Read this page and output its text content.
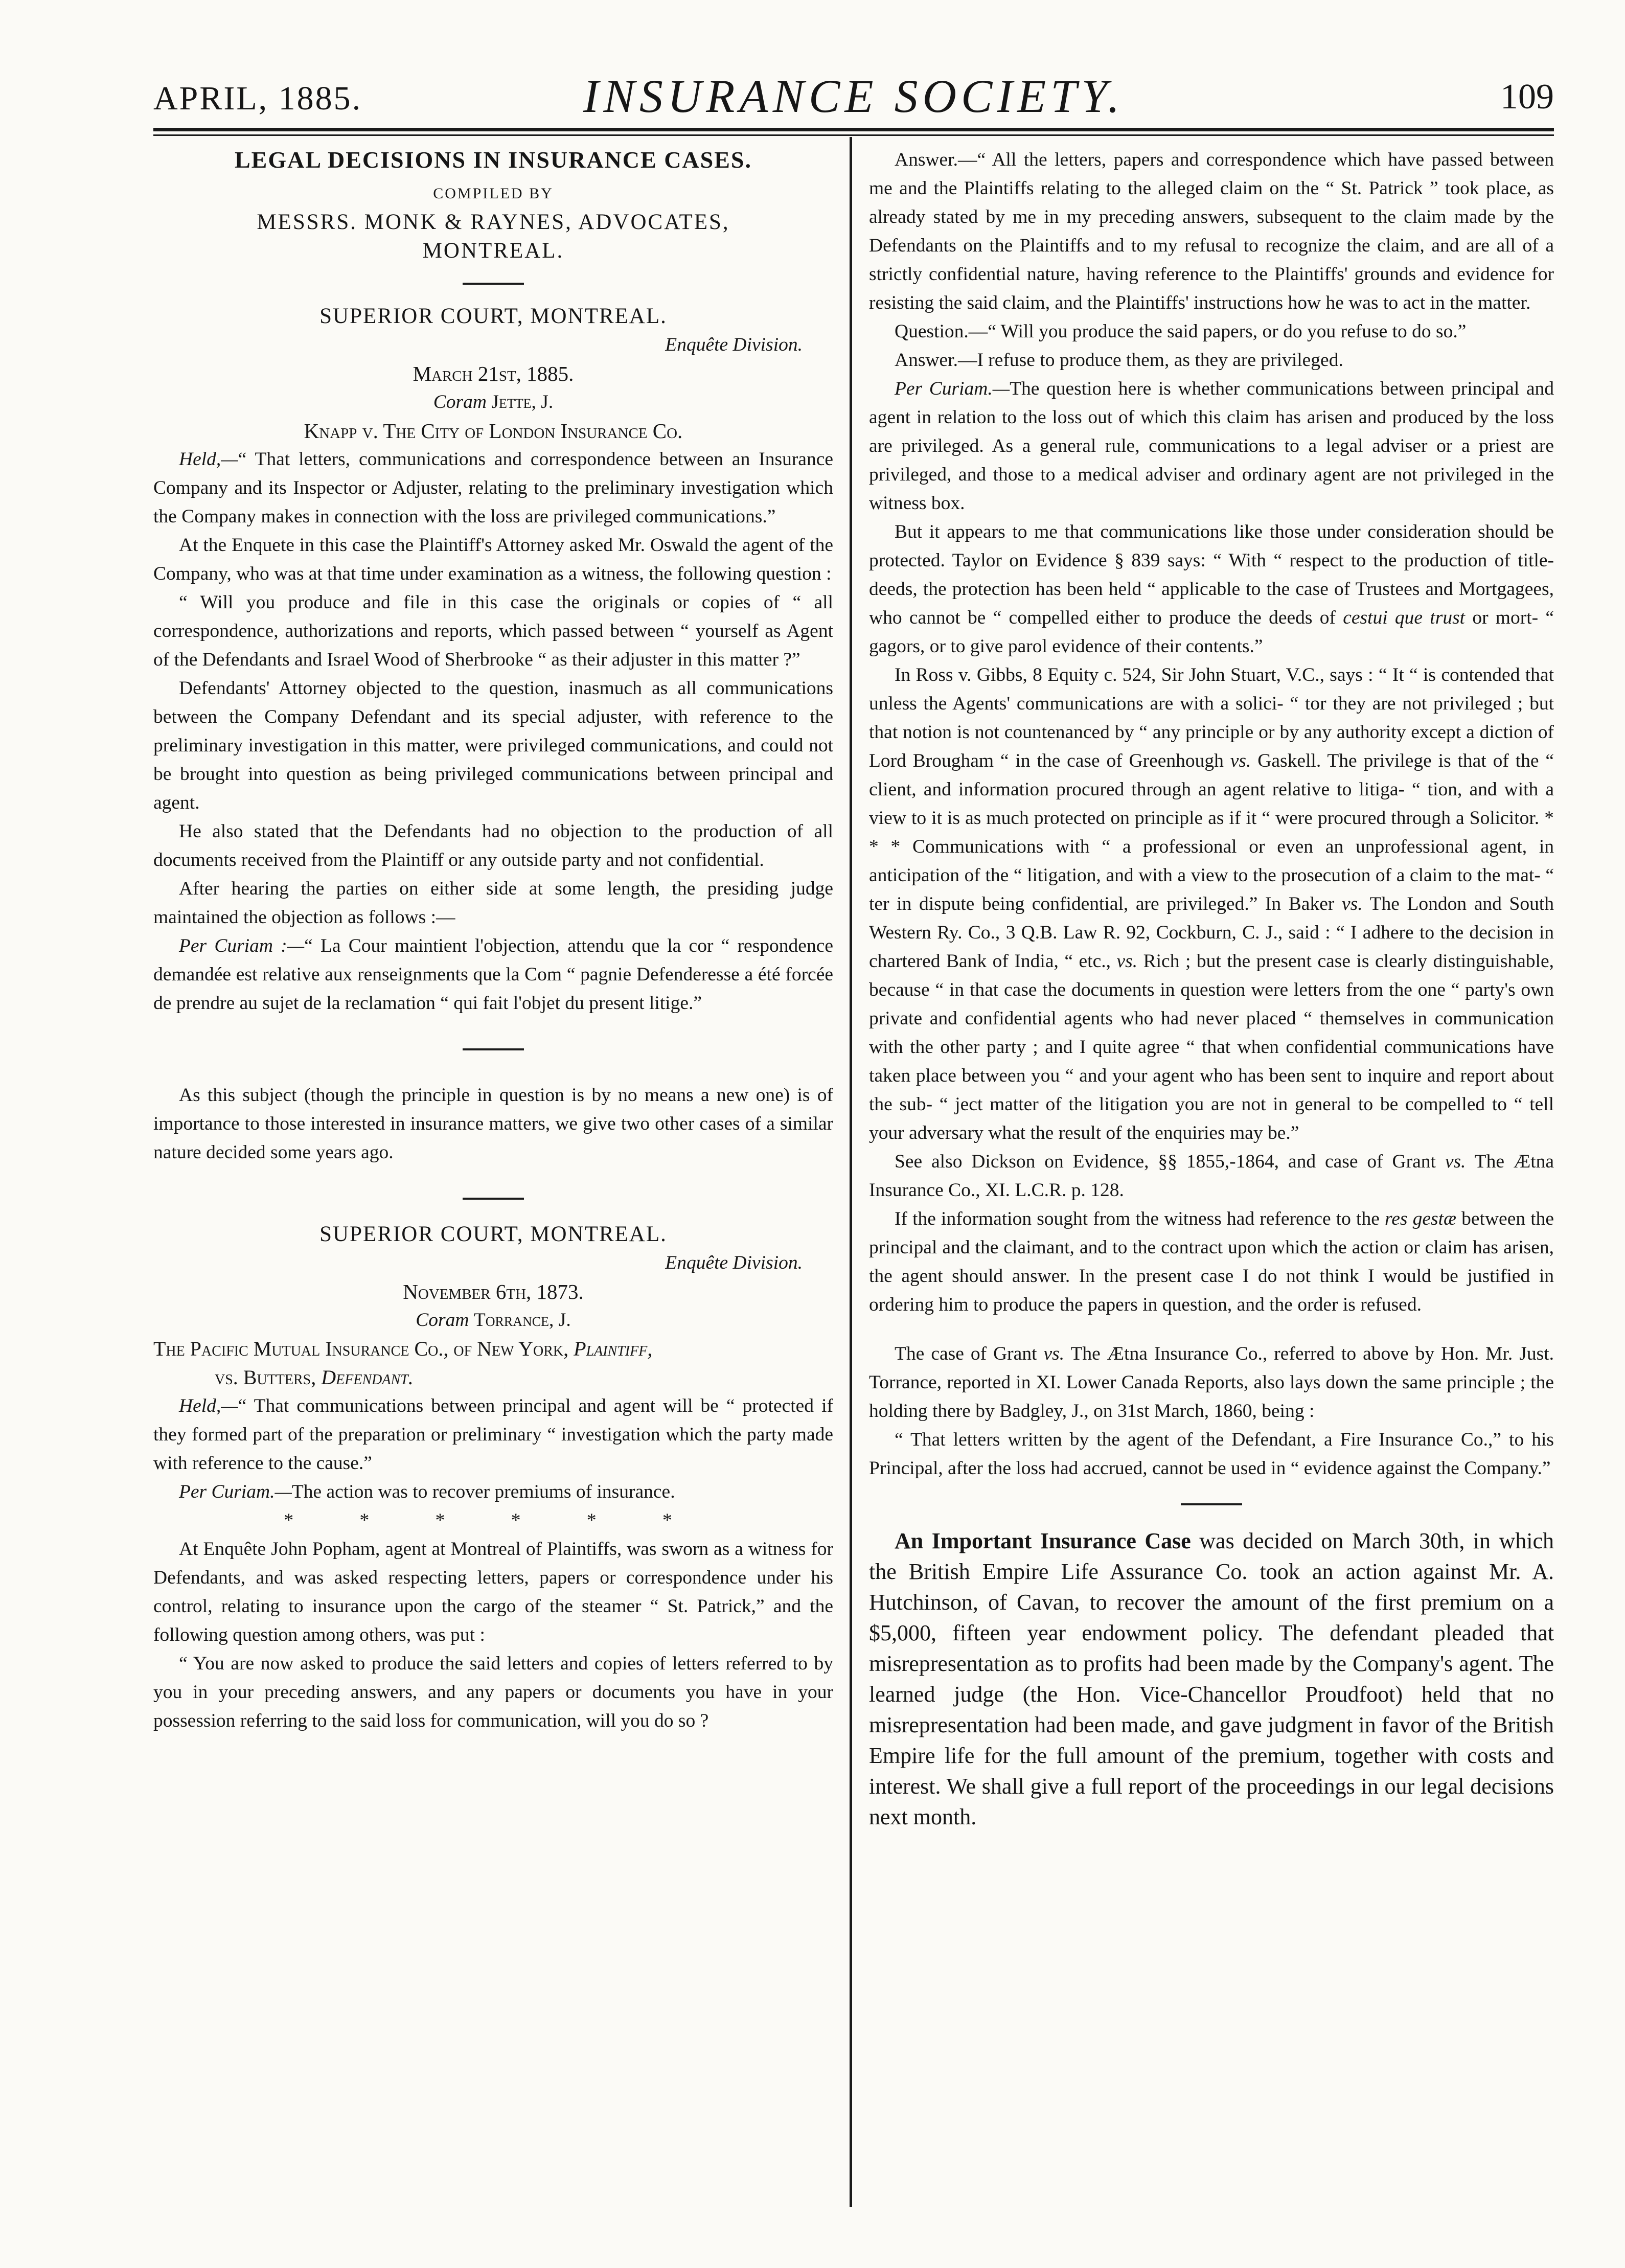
APRIL, 1885.	INSURANCE SOCIETY.	109

LEGAL DECISIONS IN INSURANCE CASES.

COMPILED BY

MESSRS. MONK & RAYNES, ADVOCATES,

MONTREAL.

SUPERIOR COURT, MONTREAL.

Enquête Division.

March 21st, 1885.

Coram Jette, J.

Knapp v. The City of London Insurance Co.

Held,—“ That letters, communications and correspondence between an Insurance Company and its Inspector or Adjuster, relating to the preliminary investigation which the Company makes in connection with the loss are privileged communications.”

At the Enquete in this case the Plaintiff's Attorney asked Mr. Oswald the agent of the Company, who was at that time under examination as a witness, the following question :

“ Will you produce and file in this case the originals or copies of “ all correspondence, authorizations and reports, which passed between “ yourself as Agent of the Defendants and Israel Wood of Sherbrooke “ as their adjuster in this matter ?”

Defendants' Attorney objected to the question, inasmuch as all communications between the Company Defendant and its special adjuster, with reference to the preliminary investigation in this matter, were privileged communications, and could not be brought into question as being privileged communications between principal and agent.

He also stated that the Defendants had no objection to the production of all documents received from the Plaintiff or any outside party and not confidential.

After hearing the parties on either side at some length, the presiding judge maintained the objection as follows :—

Per Curiam :—“ La Cour maintient l'objection, attendu que la cor “ respondence demandée est relative aux renseignments que la Com “ pagnie Defenderesse a été forcée de prendre au sujet de la reclamation “ qui fait l'objet du present litige.”

As this subject (though the principle in question is by no means a new one) is of importance to those interested in insurance matters, we give two other cases of a similar nature decided some years ago.

SUPERIOR COURT, MONTREAL.

Enquête Division.

November 6th, 1873.

Coram Torrance, J.

The Pacific Mutual Insurance Co., of New York, Plaintiff,
vs. Butters, Defendant.

Held,—“ That communications between principal and agent will be “ protected if they formed part of the preparation or preliminary “ investigation which the party made with reference to the cause.”

Per Curiam.—The action was to recover premiums of insurance.

* * * * * *

At Enquête John Popham, agent at Montreal of Plaintiffs, was sworn as a witness for Defendants, and was asked respecting letters, papers or correspondence under his control, relating to insurance upon the cargo of the steamer “ St. Patrick,” and the following question among others, was put :

“ You are now asked to produce the said letters and copies of letters referred to by you in your preceding answers, and any papers or documents you have in your possession referring to the said loss for communication, will you do so ?

Answer.—“ All the letters, papers and correspondence which have passed between me and the Plaintiffs relating to the alleged claim on the “ St. Patrick ” took place, as already stated by me in my preceding answers, subsequent to the claim made by the Defendants on the Plaintiffs and to my refusal to recognize the claim, and are all of a strictly confidential nature, having reference to the Plaintiffs' grounds and evidence for resisting the said claim, and the Plaintiffs' instructions how he was to act in the matter.

Question.—“ Will you produce the said papers, or do you refuse to do so.”

Answer.—I refuse to produce them, as they are privileged.

Per Curiam.—The question here is whether communications between principal and agent in relation to the loss out of which this claim has arisen and produced by the loss are privileged. As a general rule, communications to a legal adviser or a priest are privileged, and those to a medical adviser and ordinary agent are not privileged in the witness box.

But it appears to me that communications like those under consideration should be protected. Taylor on Evidence § 839 says: “ With “ respect to the production of title-deeds, the protection has been held “ applicable to the case of Trustees and Mortgagees, who cannot be “ compelled either to produce the deeds of cestui que trust or mort- “ gagors, or to give parol evidence of their contents.”

In Ross v. Gibbs, 8 Equity c. 524, Sir John Stuart, V.C., says : “ It “ is contended that unless the Agents' communications are with a solici- “ tor they are not privileged ; but that notion is not countenanced by “ any principle or by any authority except a diction of Lord Brougham “ in the case of Greenhough vs. Gaskell. The privilege is that of the “ client, and information procured through an agent relative to litiga- “ tion, and with a view to it is as much protected on principle as if it “ were procured through a Solicitor. * * * Communications with “ a professional or even an unprofessional agent, in anticipation of the “ litigation, and with a view to the prosecution of a claim to the mat- “ ter in dispute being confidential, are privileged.” In Baker vs. The London and South Western Ry. Co., 3 Q.B. Law R. 92, Cockburn, C. J., said : “ I adhere to the decision in chartered Bank of India, “ etc., vs. Rich ; but the present case is clearly distinguishable, because “ in that case the documents in question were letters from the one “ party's own private and confidential agents who had never placed “ themselves in communication with the other party ; and I quite agree “ that when confidential communications have taken place between you “ and your agent who has been sent to inquire and report about the sub- “ ject matter of the litigation you are not in general to be compelled to “ tell your adversary what the result of the enquiries may be.”

See also Dickson on Evidence, §§ 1855,-1864, and case of Grant vs. The Ætna Insurance Co., XI. L.C.R. p. 128.

If the information sought from the witness had reference to the res gestæ between the principal and the claimant, and to the contract upon which the action or claim has arisen, the agent should answer. In the present case I do not think I would be justified in ordering him to produce the papers in question, and the order is refused.

The case of Grant vs. The Ætna Insurance Co., referred to above by Hon. Mr. Just. Torrance, reported in XI. Lower Canada Reports, also lays down the same principle ; the holding there by Badgley, J., on 31st March, 1860, being :

“ That letters written by the agent of the Defendant, a Fire Insurance Co.,” to his Principal, after the loss had accrued, cannot be used in “ evidence against the Company.”

An Important Insurance Case was decided on March 30th, in which the British Empire Life Assurance Co. took an action against Mr. A. Hutchinson, of Cavan, to recover the amount of the first premium on a $5,000, fifteen year endowment policy. The defendant pleaded that misrepresentation as to profits had been made by the Company's agent. The learned judge (the Hon. Vice-Chancellor Proudfoot) held that no misrepresentation had been made, and gave judgment in favor of the British Empire life for the full amount of the premium, together with costs and interest. We shall give a full report of the proceedings in our legal decisions next month.
